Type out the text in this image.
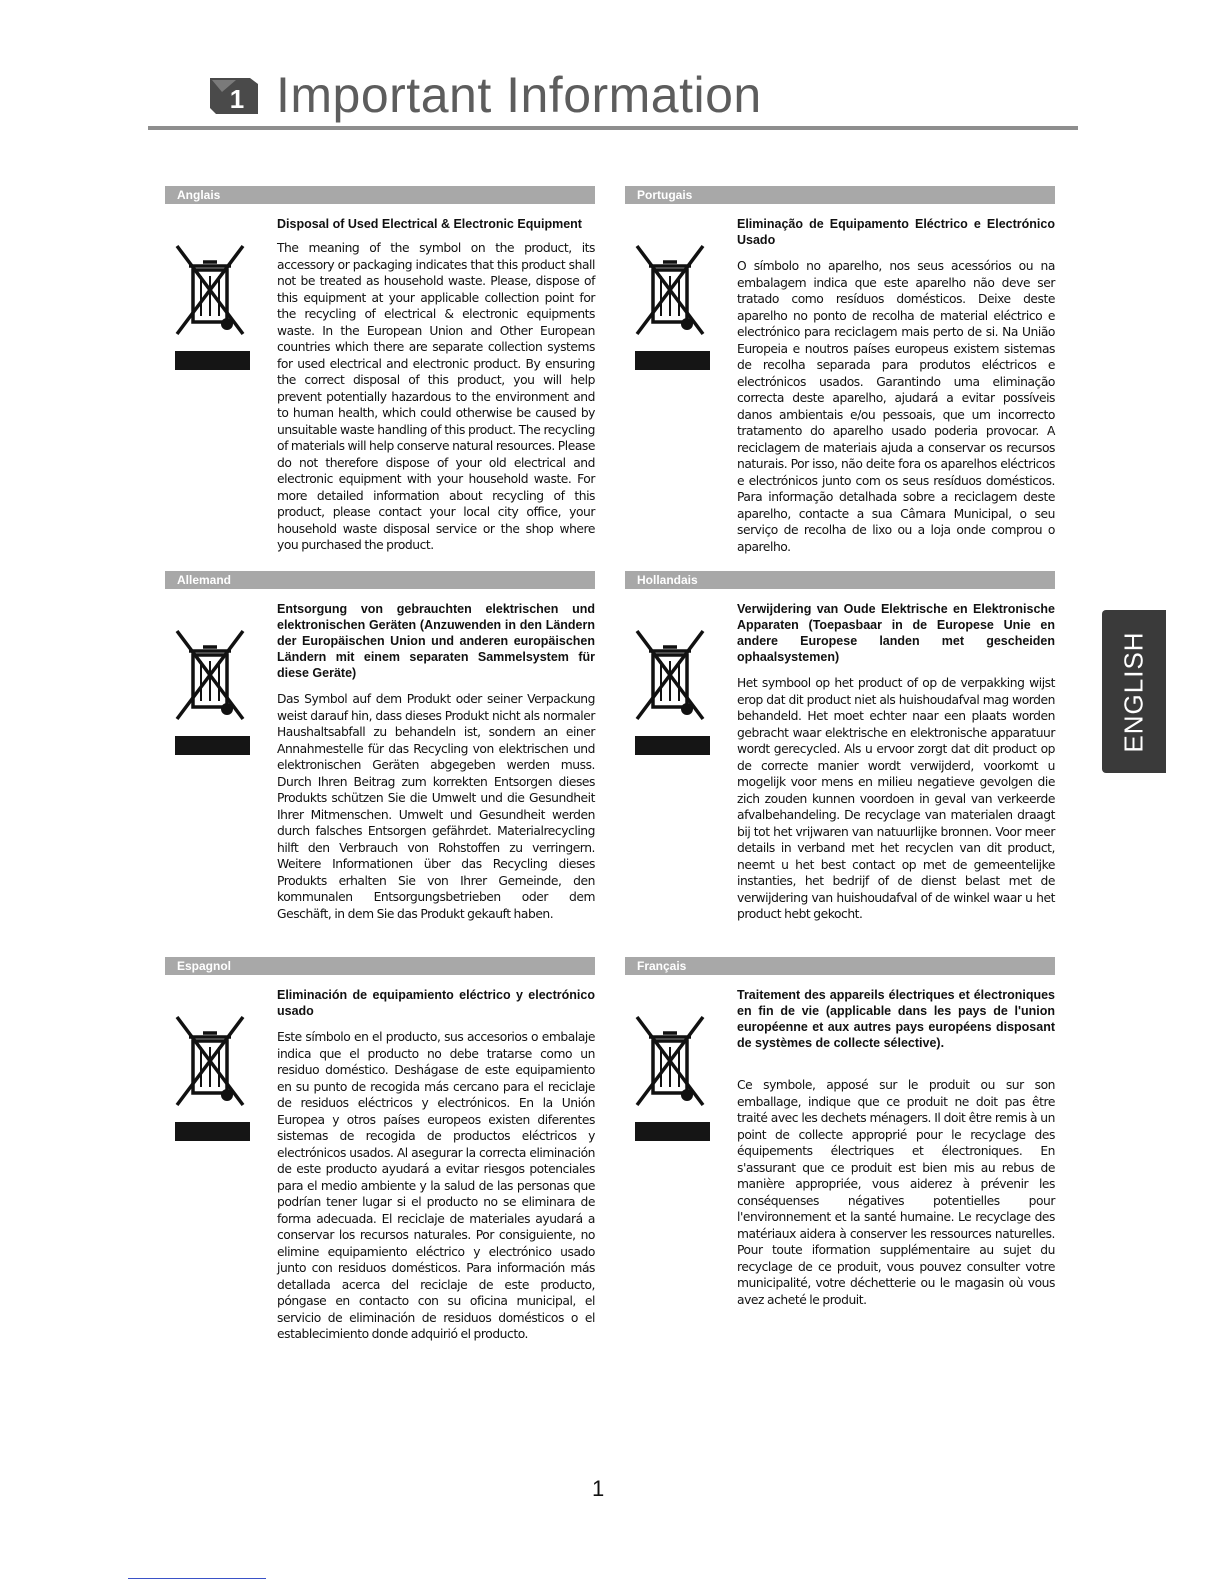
1 Important Information
ENGLISH
Anglais
Disposal of Used Electrical & Electronic Equipment
The meaning of the symbol on the product, its accessory or packaging indicates that this product shall not be treated as household waste. Please, dispose of this equipment at your applicable collection point for the recycling of electrical & electronic equipments waste. In the European Union and Other European countries which there are separate collection systems for used electrical and electronic product. By ensuring the correct disposal of this product, you will help prevent potentially hazardous to the environment and to human health, which could otherwise be caused by unsuitable waste handling of this product. The recycling of materials will help conserve natural resources. Please do not therefore dispose of your old electrical and electronic equipment with your household waste. For more detailed information about recycling of this product, please contact your local city office, your household waste disposal service or the shop where you purchased the product.
Portugais
Eliminação de Equipamento Eléctrico e Electrónico Usado
O símbolo no aparelho, nos seus acessórios ou na embalagem indica que este aparelho não deve ser tratado como resíduos domésticos. Deixe deste aparelho no ponto de recolha de material eléctrico e electrónico para reciclagem mais perto de si. Na União Europeia e noutros países europeus existem sistemas de recolha separada para produtos eléctricos e electrónicos usados. Garantindo uma eliminação correcta deste aparelho, ajudará a evitar possíveis danos ambientais e/ou pessoais, que um incorrecto tratamento do aparelho usado poderia provocar. A reciclagem de materiais ajuda a conservar os recursos naturais. Por isso, não deite fora os aparelhos eléctricos e electrónicos junto com os seus resíduos domésticos. Para informação detalhada sobre a reciclagem deste aparelho, contacte a sua Câmara Municipal, o seu serviço de recolha de lixo ou a loja onde comprou o aparelho.
Allemand
Entsorgung von gebrauchten elektrischen und elektronischen Geräten (Anzuwenden in den Ländern der Europäischen Union und anderen europäischen Ländern mit einem separaten Sammelsystem für diese Geräte)
Das Symbol auf dem Produkt oder seiner Verpackung weist darauf hin, dass dieses Produkt nicht als normaler Haushaltsabfall zu behandeln ist, sondern an einer Annahmestelle für das Recycling von elektrischen und elektronischen Geräten abgegeben werden muss. Durch Ihren Beitrag zum korrekten Entsorgen dieses Produkts schützen Sie die Umwelt und die Gesundheit Ihrer Mitmenschen. Umwelt und Gesundheit werden durch falsches Entsorgen gefährdet. Materialrecycling hilft den Verbrauch von Rohstoffen zu verringern. Weitere Informationen über das Recycling dieses Produkts erhalten Sie von Ihrer Gemeinde, den kommunalen Entsorgungsbetrieben oder dem Geschäft, in dem Sie das Produkt gekauft haben.
Hollandais
Verwijdering van Oude Elektrische en Elektronische Apparaten (Toepasbaar in de Europese Unie en andere Europese landen met gescheiden ophaalsystemen)
Het symbool op het product of op de verpakking wijst erop dat dit product niet als huishoudafval mag worden behandeld. Het moet echter naar een plaats worden gebracht waar elektrische en elektronische apparatuur wordt gerecycled. Als u ervoor zorgt dat dit product op de correcte manier wordt verwijderd, voorkomt u mogelijk voor mens en milieu negatieve gevolgen die zich zouden kunnen voordoen in geval van verkeerde afvalbehandeling. De recyclage van materialen draagt bij tot het vrijwaren van natuurlijke bronnen. Voor meer details in verband met het recyclen van dit product, neemt u het best contact op met de gemeentelijke instanties, het bedrijf of de dienst belast met de verwijdering van huishoudafval of de winkel waar u het product hebt gekocht.
Espagnol
Eliminación de equipamiento eléctrico y electrónico usado
Este símbolo en el producto, sus accesorios o embalaje indica que el producto no debe tratarse como un residuo doméstico. Deshágase de este equipamiento en su punto de recogida más cercano para el reciclaje de residuos eléctricos y electrónicos. En la Unión Europea y otros países europeos existen diferentes sistemas de recogida de productos eléctricos y electrónicos usados. Al asegurar la correcta eliminación de este producto ayudará a evitar riesgos potenciales para el medio ambiente y la salud de las personas que podrían tener lugar si el producto no se eliminara de forma adecuada. El reciclaje de materiales ayudará a conservar los recursos naturales. Por consiguiente, no elimine equipamiento eléctrico y electrónico usado junto con residuos domésticos. Para información más detallada acerca del reciclaje de este producto, póngase en contacto con su oficina municipal, el servicio de eliminación de residuos domésticos o el establecimiento donde adquirió el producto.
Français
Traitement des appareils électriques et électroniques en fin de vie (applicable dans les pays de l'union européenne et aux autres pays européens disposant de systèmes de collecte sélective).
Ce symbole, apposé sur le produit ou sur son emballage, indique que ce produit ne doit pas être traité avec les dechets ménagers. Il doit être remis à un point de collecte approprié pour le recyclage des équipements électriques et électroniques. En s'assurant que ce produit est bien mis au rebus de manière appropriée, vous aiderez à prévenir les conséquenses négatives potentielles pour l'environnement et la santé humaine. Le recyclage des matériaux aidera à conserver les ressources naturelles. Pour toute iformation supplémentaire au sujet du recyclage de ce produit, vous pouvez consulter votre municipalité, votre déchetterie ou le magasin où vous avez acheté le produit.
1
